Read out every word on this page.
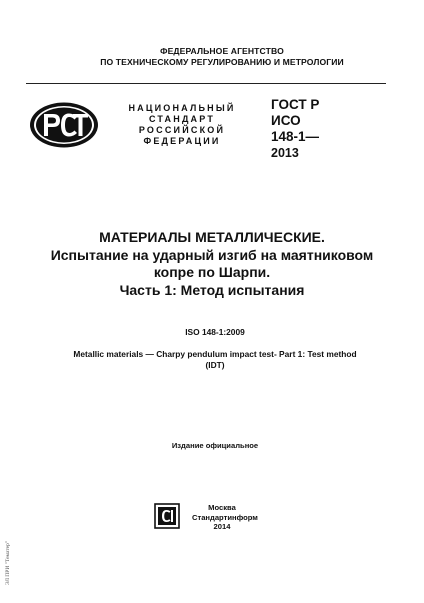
ФЕДЕРАЛЬНОЕ АГЕНТСТВО
ПО ТЕХНИЧЕСКОМУ РЕГУЛИРОВАНИЮ И МЕТРОЛОГИИ
НАЦИОНАЛЬНЫЙ
СТАНДАРТ
РОССИЙСКОЙ
ФЕДЕРАЦИИ
ГОСТ Р
ИСО
148-1—
2013
МАТЕРИАЛЫ МЕТАЛЛИЧЕСКИЕ.
Испытание на ударный изгиб на маятниковом
копре по Шарпи.
Часть 1: Метод испытания
ISO 148-1:2009
Metallic materials — Charpy pendulum impact test- Part 1: Test method
(IDT)
Издание официальное
Москва
Стандартинформ
2014
ЭЛ ПРИ "Тематер"
